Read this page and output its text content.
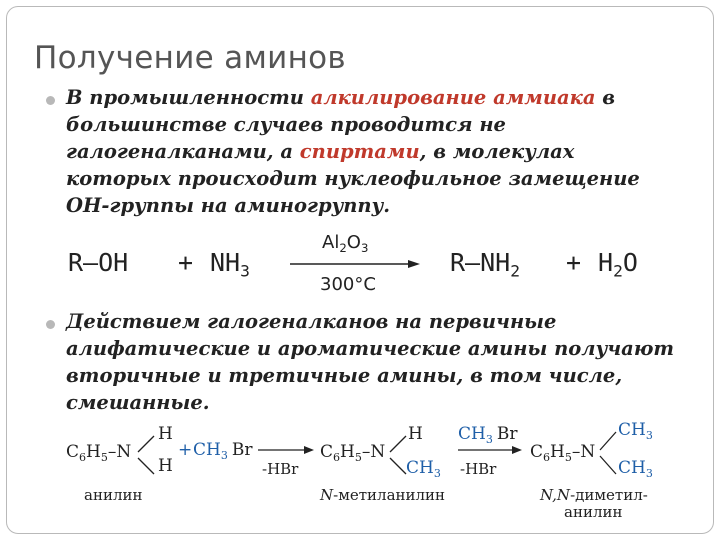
Получение аминов
В промышленности алкилирование аммиака в большинстве случаев проводится не галогеналканами, а спиртами, в молекулах которых происходит нуклеофильное замещение ОН-группы на аминогруппу.
$R-OH + NH_3$
$Al_2O_3$
300°C
$R-NH_2 + H_2O$
Действием галогеналканов на первичные алифатические и ароматические амины получают вторичные и третичные амины, в том числе, смешанные.
$C_6H_5-N$
H
H
анилин
+ $CH_3$ Br
-HBr
$C_6H_5-N$
H
$CH_3$
N-метиланилин
$CH_3$ Br
-HBr
$C_6H_5-N$
$CH_3$
$CH_3$
N,N-диметил-
анилин
